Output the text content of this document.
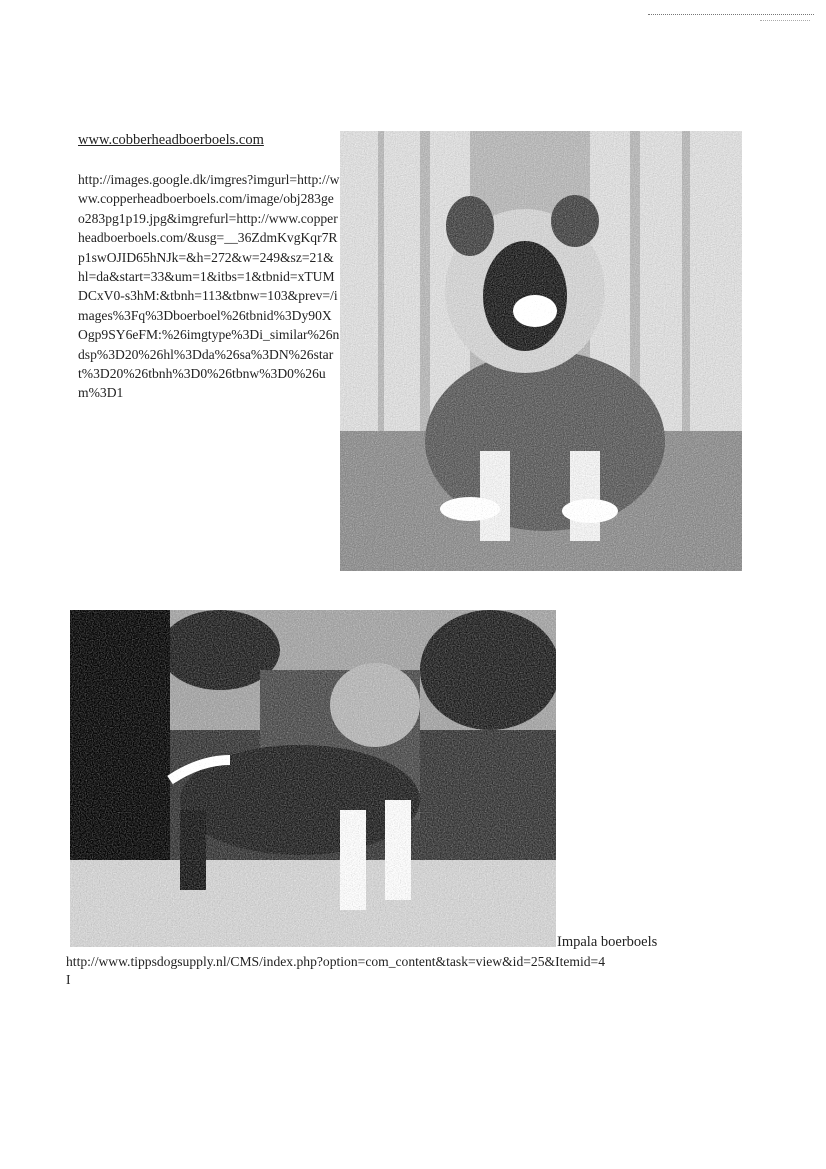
www.cobberheadboerboels.com
http://images.google.dk/imgres?imgurl=http://www.copperheadboerboels.com/image/obj283geo283pg1p19.jpg&imgrefurl=http://www.copperheadboerboels.com/&usg=__36ZdmKvgKqr7Rp1swOJID65hNJk=&h=272&w=249&sz=21&hl=da&start=33&um=1&itbs=1&tbnid=xTUMDCxV0-s3hM:&tbnh=113&tbnw=103&prev=/images%3Fq%3Dboerboel%26tbnid%3Dy90XOgp9SY6eFM:%26imgtype%3Di_similar%26ndsp%3D20%26hl%3Dda%26sa%3DN%26start%3D20%26tbnh%3D0%26tbnw%3D0%26um%3D1
Impala boerboels
http://www.tippsdogsupply.nl/CMS/index.php?option=com_content&task=view&id=25&Itemid=4
I
